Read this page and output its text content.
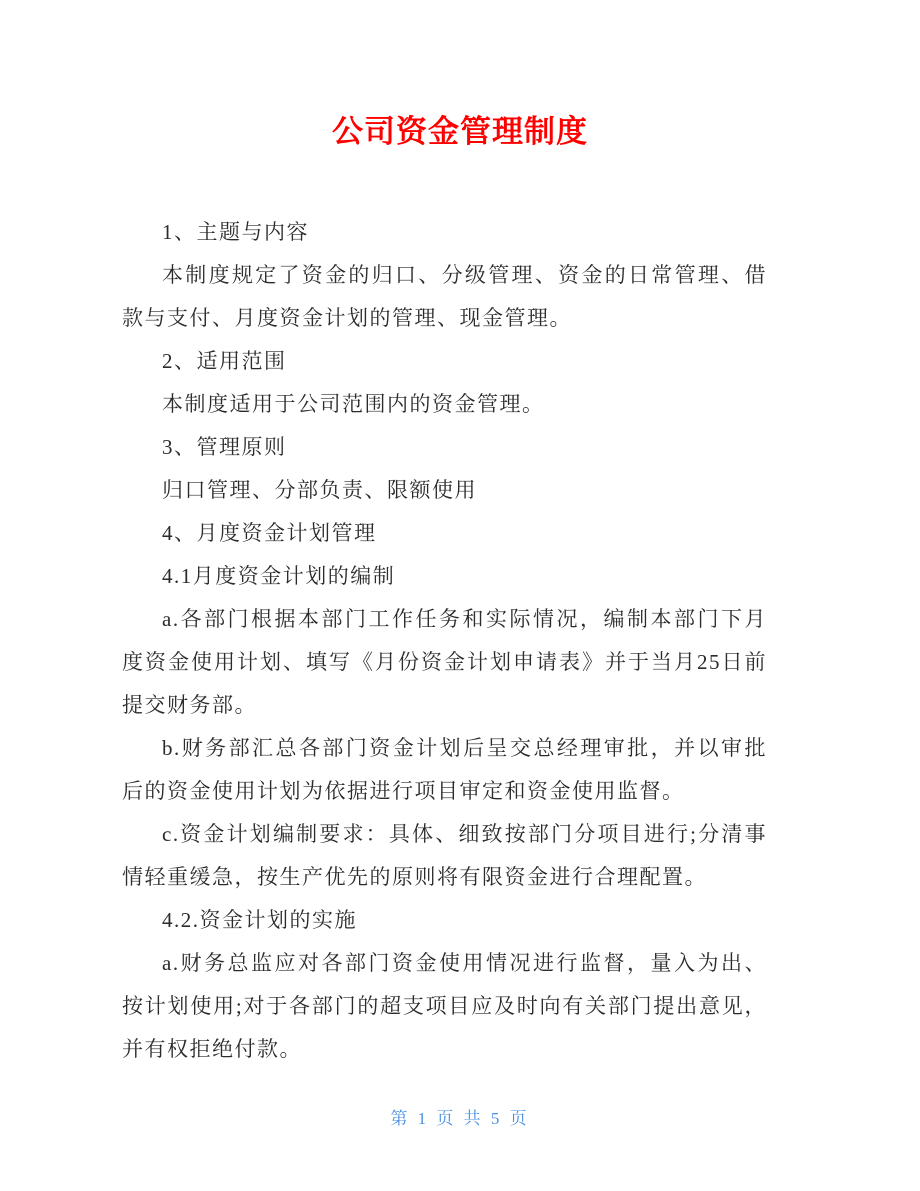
公司资金管理制度
1、主题与内容
本制度规定了资金的归口、分级管理、资金的日常管理、借
款与支付、月度资金计划的管理、现金管理。
2、适用范围
本制度适用于公司范围内的资金管理。
3、管理原则
归口管理、分部负责、限额使用
4、月度资金计划管理
4.1月度资金计划的编制
a.各部门根据本部门工作任务和实际情况，编制本部门下月
度资金使用计划、填写《月份资金计划申请表》并于当月25日前
提交财务部。
b.财务部汇总各部门资金计划后呈交总经理审批，并以审批
后的资金使用计划为依据进行项目审定和资金使用监督。
c.资金计划编制要求：具体、细致按部门分项目进行;分清事
情轻重缓急，按生产优先的原则将有限资金进行合理配置。
4.2.资金计划的实施
a.财务总监应对各部门资金使用情况进行监督，量入为出、
按计划使用;对于各部门的超支项目应及时向有关部门提出意见，
并有权拒绝付款。
第 1 页 共 5 页
